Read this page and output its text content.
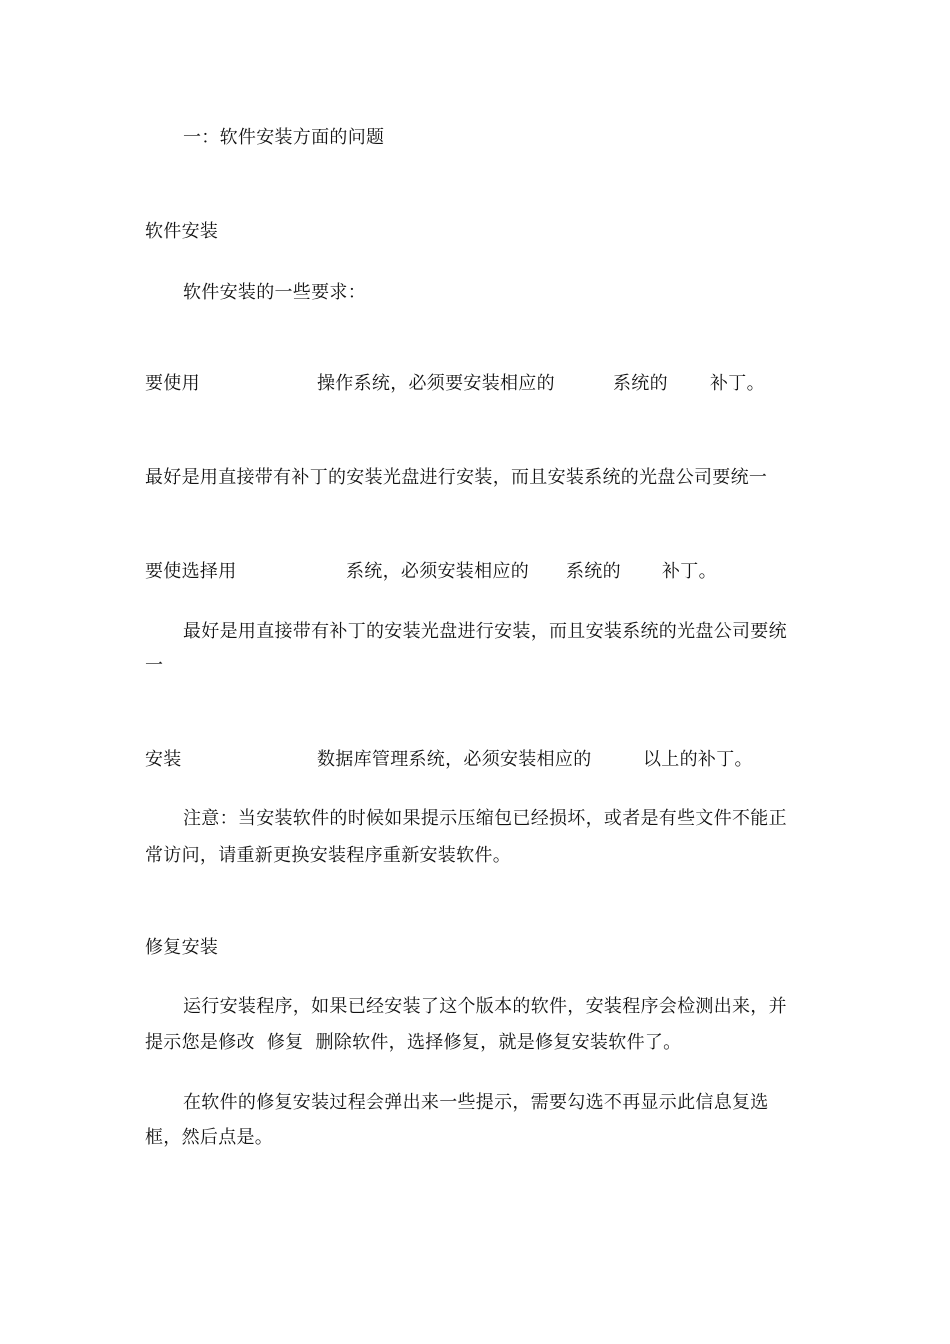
一：软件安装方面的问题
软件安装
软件安装的一些要求：
要使用	操作系统，必须要安装相应的	系统的 补丁。
最好是用直接带有补丁的安装光盘进行安装，而且安装系统的光盘公司要统一
要使选择用	系统，必须安装相应的 系统的 补丁。
最好是用直接带有补丁的安装光盘进行安装，而且安装系统的光盘公司要统
一
安装	数据库管理系统，必须安装相应的	以上的补丁。
注意：当安装软件的时候如果提示压缩包已经损坏，或者是有些文件不能正
常访问，请重新更换安装程序重新安装软件。
修复安装
运行安装程序，如果已经安装了这个版本的软件，安装程序会检测出来，并
提示您是修改  修复  删除软件，选择修复，就是修复安装软件了。
在软件的修复安装过程会弹出来一些提示，需要勾选不再显示此信息复选
框，然后点是。
